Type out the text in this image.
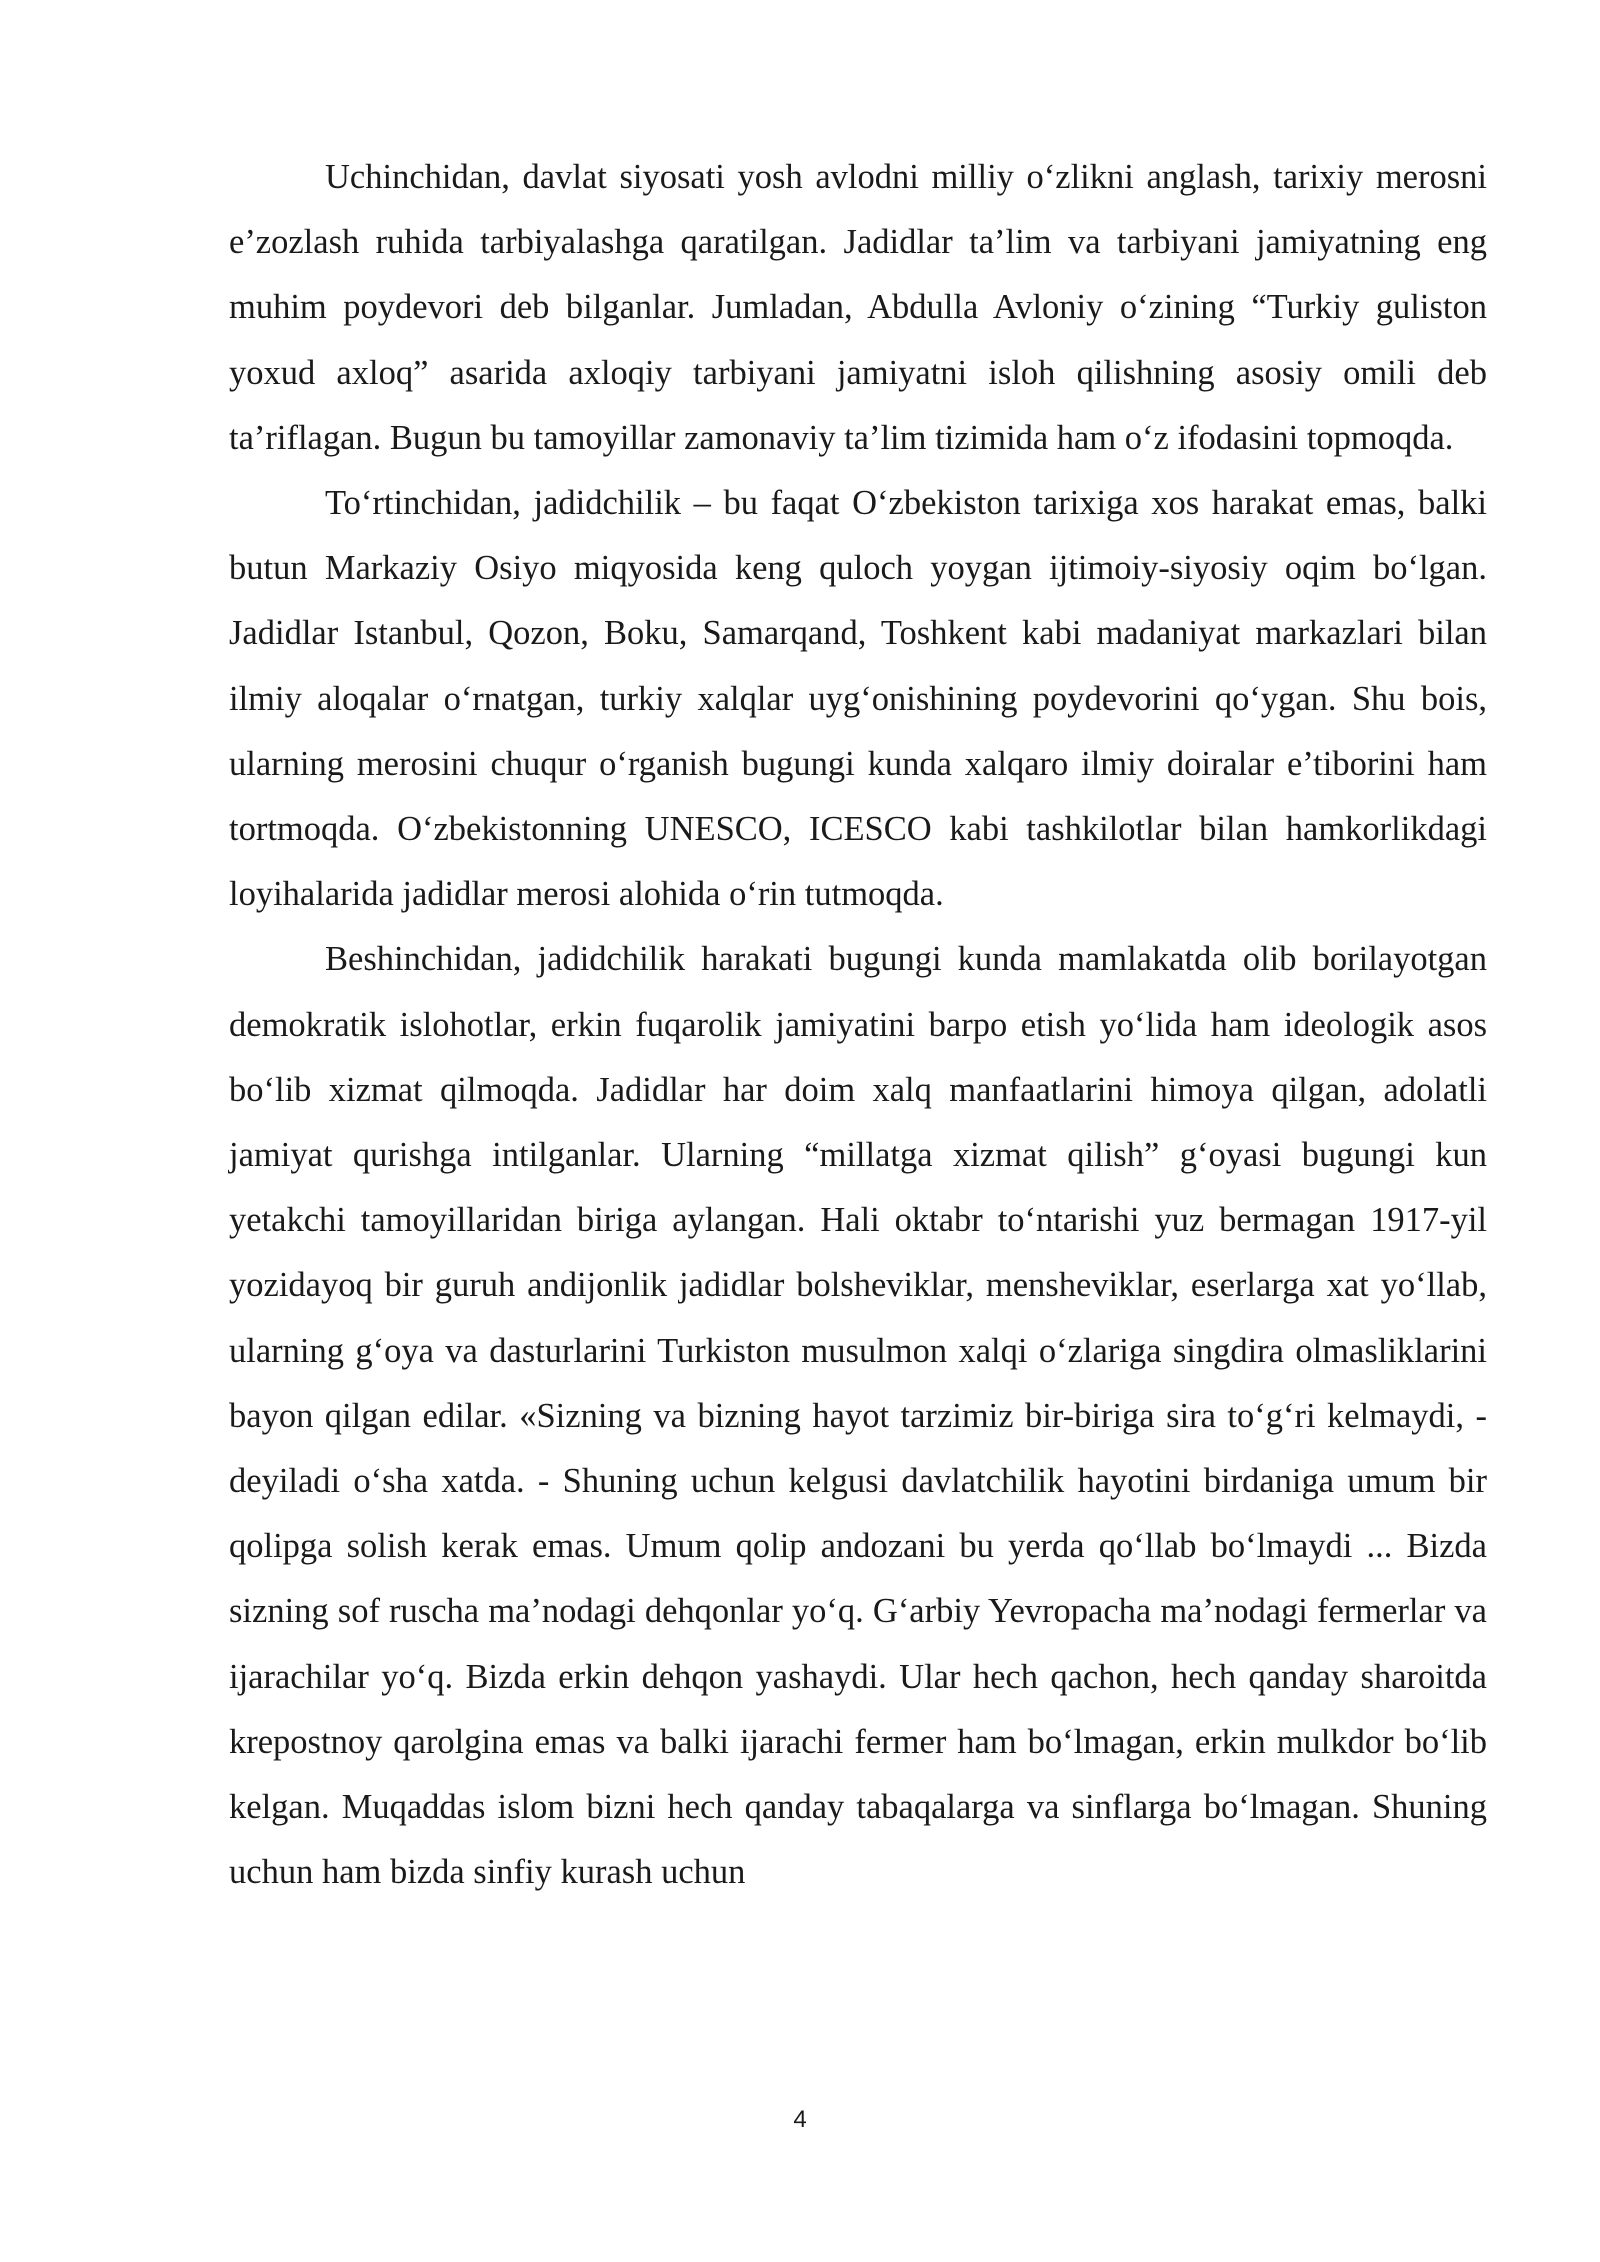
Uchinchidan, davlat siyosati yosh avlodni milliy o‘zlikni anglash, tarixiy merosni e’zozlash ruhida tarbiyalashga qaratilgan. Jadidlar ta’lim va tarbiyani jamiyatning eng muhim poydevori deb bilganlar. Jumladan, Abdulla Avloniy o‘zining “Turkiy guliston yoxud axloq” asarida axloqiy tarbiyani jamiyatni isloh qilishning asosiy omili deb ta’riflagan. Bugun bu tamoyillar zamonaviy ta’lim tizimida ham o‘z ifodasini topmoqda.

To‘rtinchidan, jadidchilik – bu faqat O‘zbekiston tarixiga xos harakat emas, balki butun Markaziy Osiyo miqyosida keng quloch yoygan ijtimoiy-siyosiy oqim bo‘lgan. Jadidlar Istanbul, Qozon, Boku, Samarqand, Toshkent kabi madaniyat markazlari bilan ilmiy aloqalar o‘rnatgan, turkiy xalqlar uyg‘onishining poydevorini qo‘ygan. Shu bois, ularning merosini chuqur o‘rganish bugungi kunda xalqaro ilmiy doiralar e’tiborini ham tortmoqda. O‘zbekistonning UNESCO, ICESCO kabi tashkilotlar bilan hamkorlikdagi loyihalarida jadidlar merosi alohida o‘rin tutmoqda.

Beshinchidan, jadidchilik harakati bugungi kunda mamlakatda olib borilayotgan demokratik islohotlar, erkin fuqarolik jamiyatini barpo etish yo‘lida ham ideologik asos bo‘lib xizmat qilmoqda. Jadidlar har doim xalq manfaatlarini himoya qilgan, adolatli jamiyat qurishga intilganlar. Ularning “millatga xizmat qilish” g‘oyasi bugungi kun yetakchi tamoyillaridan biriga aylangan. Hali oktabr to‘ntarishi yuz bermagan 1917-yil yozidayoq bir guruh andijonlik jadidlar bolsheviklar, mensheviklar, eserlarga xat yo‘llab, ularning g‘oya va dasturlarini Turkiston musulmon xalqi o‘zlariga singdira olmasliklarini bayon qilgan edilar. «Sizning va bizning hayot tarzimiz bir-biriga sira to‘g‘ri kelmaydi, - deyiladi o‘sha xatda. - Shuning uchun kelgusi davlatchilik hayotini birdaniga umum bir qolipga solish kerak emas. Umum qolip andozani bu yerda qo‘llab bo‘lmaydi ... Bizda sizning sof ruscha ma’nodagi dehqonlar yo‘q. G‘arbiy Yevropacha ma’nodagi fermerlar va ijarachilar yo‘q. Bizda erkin dehqon yashaydi. Ular hech qachon, hech qanday sharoitda krepostnoy qarolgina emas va balki ijarachi fermer ham bo‘lmagan, erkin mulkdor bo‘lib kelgan. Muqaddas islom bizni hech qanday tabaqalarga va sinflarga bo‘lmagan. Shuning uchun ham bizda sinfiy kurash uchun

4
